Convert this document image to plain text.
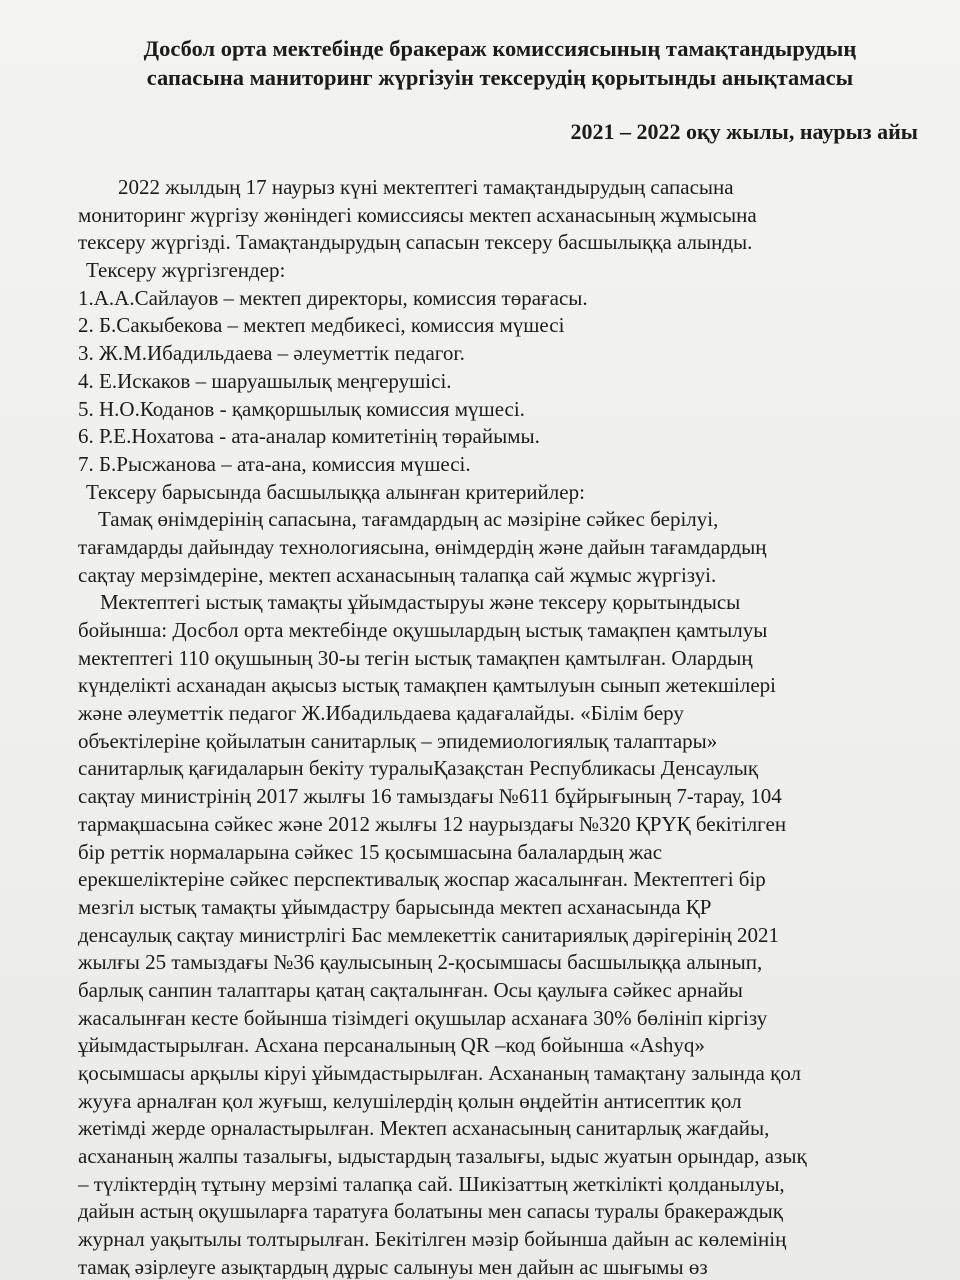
Досбол орта мектебінде бракераж комиссиясының тамақтандырудың
сапасына маниторинг жүргізуін тексерудің қорытынды анықтамасы
2021 – 2022 оқу жылы, наурыз айы
2022 жылдың 17 наурыз күні мектептегі тамақтандырудың сапасына
мониторинг жүргізу жөніндегі комиссиясы мектеп асханасының жұмысына
тексеру жүргізді. Тамақтандырудың сапасын тексеру басшылыққа алынды.
Тексеру жүргізгендер:
1.А.А.Сайлауов – мектеп директоры, комиссия төрағасы.
2. Б.Сакыбекова – мектеп медбикесі, комиссия мүшесі
3. Ж.М.Ибадильдаева – әлеуметтік педагог.
4. Е.Искаков – шаруашылық меңгерушісі.
5. Н.О.Коданов - қамқоршылық комиссия мүшесі.
6. Р.Е.Нохатова - ата-аналар комитетінің төрайымы.
7. Б.Рысжанова – ата-ана, комиссия мүшесі.
Тексеру барысында басшылыққа алынған критерийлер:
Тамақ өнімдерінің сапасына, тағамдардың ас мәзіріне сәйкес берілуі,
тағамдарды дайындау технологиясына, өнімдердің және дайын тағамдардың
сақтау мерзімдеріне, мектеп асханасының талапқа сай жұмыс жүргізуі.
Мектептегі ыстық тамақты ұйымдастыруы және тексеру қорытындысы
бойынша: Досбол орта мектебінде оқушылардың ыстық тамақпен қамтылуы
мектептегі 110 оқушының 30-ы тегін ыстық тамақпен қамтылған. Олардың
күнделікті асханадан ақысыз ыстық тамақпен қамтылуын сынып жетекшілері
және әлеуметтік педагог Ж.Ибадильдаева қадағалайды. «Білім беру
объектілеріне қойылатын санитарлық – эпидемиологиялық талаптары»
санитарлық қағидаларын бекіту туралыҚазақстан Республикасы Денсаулық
сақтау министрінің 2017 жылғы 16 тамыздағы №611 бұйрығының 7-тарау, 104
тармақшасына сәйкес және 2012 жылғы 12 наурыздағы №320 ҚРҮҚ бекітілген
бір реттік нормаларына сәйкес 15 қосымшасына балалардың жас
ерекшеліктеріне сәйкес перспективалық жоспар жасалынған. Мектептегі бір
мезгіл ыстық тамақты ұйымдастру барысында мектеп асханасында ҚР
денсаулық сақтау министрлігі Бас мемлекеттік санитариялық дәрігерінің 2021
жылғы 25 тамыздағы №36 қаулысының 2-қосымшасы басшылыққа алынып,
барлық санпин талаптары қатаң сақталынған. Осы қаулыға сәйкес арнайы
жасалынған кесте бойынша тізімдегі оқушылар асханаға 30% бөлініп кіргізу
ұйымдастырылған. Асхана персаналының QR –код бойынша «Ashyq»
қосымшасы арқылы кіруі ұйымдастырылған. Асхананың тамақтану залында қол
жууға арналған қол жуғыш, келушілердің қолын өңдейтін антисептик қол
жетімді жерде орналастырылған. Мектеп асханасының санитарлық жағдайы,
асхананың жалпы тазалығы, ыдыстардың тазалығы, ыдыс жуатын орындар, азық
– түліктердің тұтыну мерзімі талапқа сай. Шикізаттың жеткілікті қолданылуы,
дайын астың оқушыларға таратуға болатыны мен сапасы туралы бракераждық
журнал уақытылы толтырылған. Бекітілген мәзір бойынша дайын ас көлемінің
тамақ әзірлеуге азықтардың дұрыс салынуы мен дайын ас шығымы өз
